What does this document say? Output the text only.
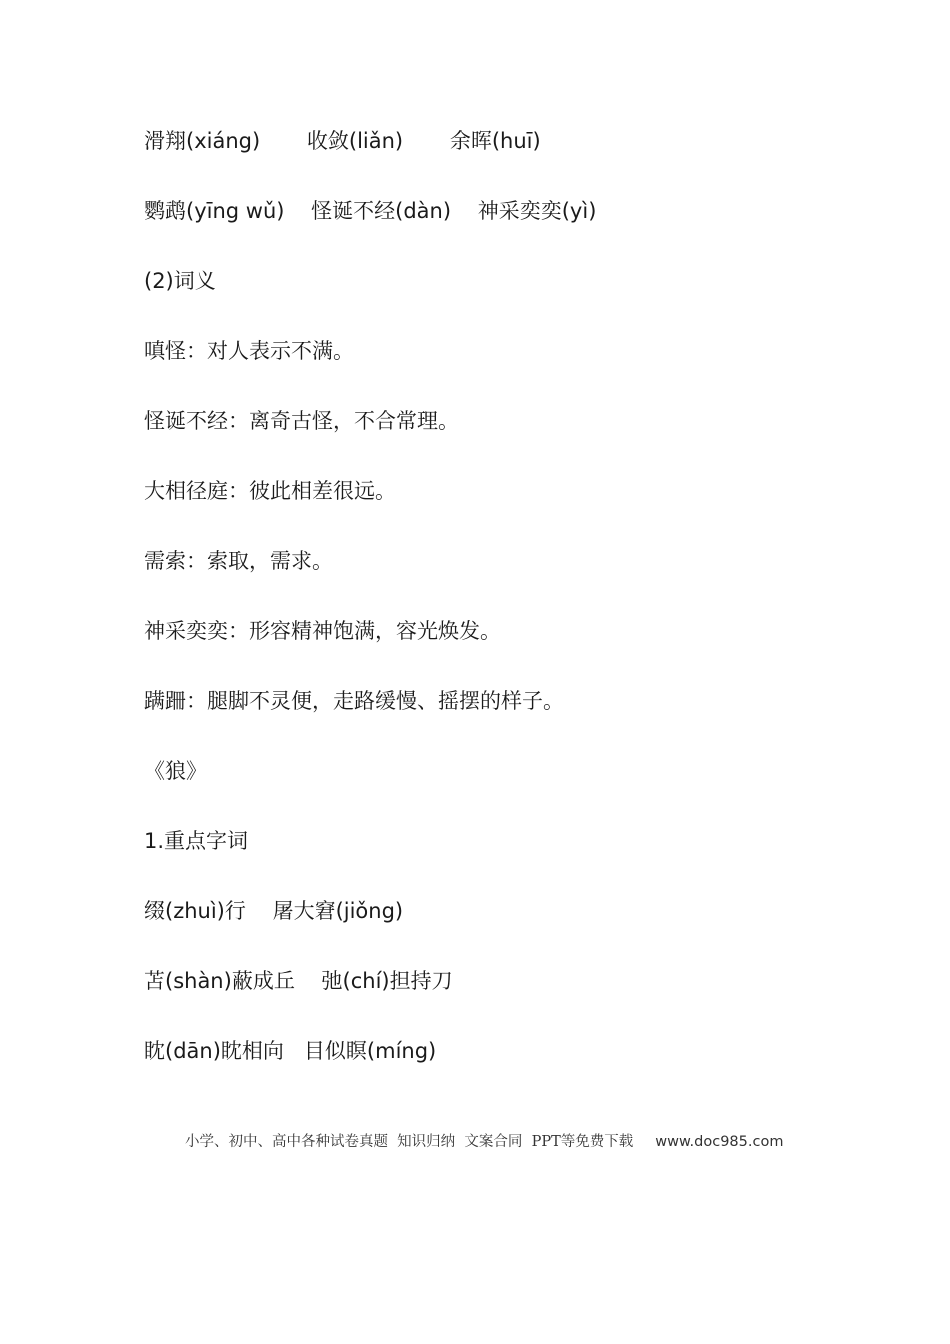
滑翔(xiáng)       收敛(liǎn)       余晖(huī)

鹦鹉(yīng wǔ)    怪诞不经(dàn)    神采奕奕(yì)

(2)词义

嗔怪：对人表示不满。

怪诞不经：离奇古怪，不合常理。

大相径庭：彼此相差很远。

需索：索取，需求。

神采奕奕：形容精神饱满，容光焕发。

蹒跚：腿脚不灵便，走路缓慢、摇摆的样子。

《狼》

1.重点字词

缀(zhuì)行    屠大窘(jiǒng)

苫(shàn)蔽成丘    弛(chí)担持刀

眈(dān)眈相向   目似瞑(míng)

小学、初中、高中各种试卷真题  知识归纳  文案合同  PPT等免费下载 www.doc985.com
